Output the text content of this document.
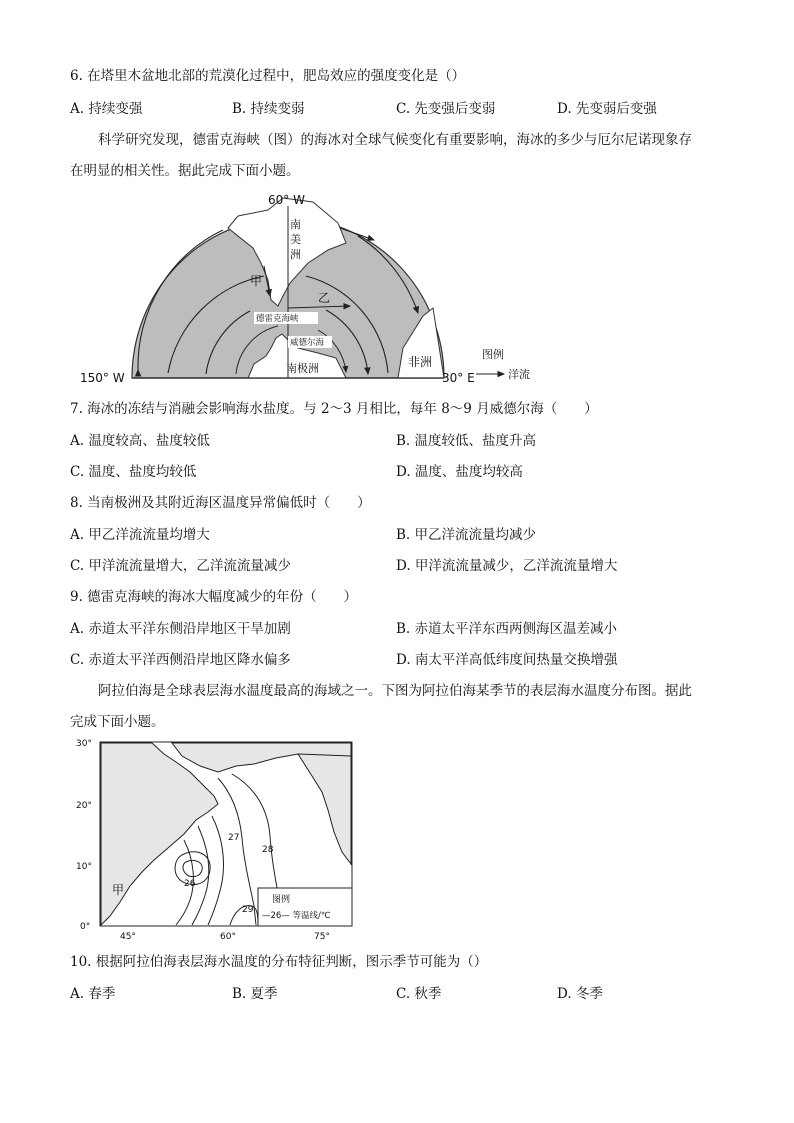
6. 在塔里木盆地北部的荒漠化过程中，肥岛效应的强度变化是（）
A. 持续变强	B. 持续变弱	C. 先变强后变弱	D. 先变弱后变强
科学研究发现，德雷克海峡（图）的海冰对全球气候变化有重要影响，海冰的多少与厄尔尼诺现象存
在明显的相关性。据此完成下面小题。
60° W
150° W	30° E
南
美
洲
甲
乙
德雷克海峡
威德尔海
南极洲	非洲
图例
洋流
7. 海冰的冻结与消融会影响海水盐度。与 2～3 月相比，每年 8～9 月威德尔海（　　）
A. 温度较高、盐度较低	B. 温度较低、盐度升高
C. 温度、盐度均较低	D. 温度、盐度均较高
8. 当南极洲及其附近海区温度异常偏低时（　　）
A. 甲乙洋流流量均增大	B. 甲乙洋流流量均减少
C. 甲洋流流量增大，乙洋流流量减少	D. 甲洋流流量减少，乙洋流流量增大
9. 德雷克海峡的海冰大幅度减少的年份（　　）
A. 赤道太平洋东侧沿岸地区干旱加剧	B. 赤道太平洋东西两侧海区温差减小
C. 赤道太平洋西侧沿岸地区降水偏多	D. 南太平洋高低纬度间热量交换增强
阿拉伯海是全球表层海水温度最高的海域之一。下图为阿拉伯海某季节的表层海水温度分布图。据此
完成下面小题。
30°
20°
10°
0°
45°	60°	75°
27
28
26
29
甲
图例
—26— 等温线/℃
10. 根据阿拉伯海表层海水温度的分布特征判断，图示季节可能为（）
A. 春季	B. 夏季	C. 秋季	D. 冬季
